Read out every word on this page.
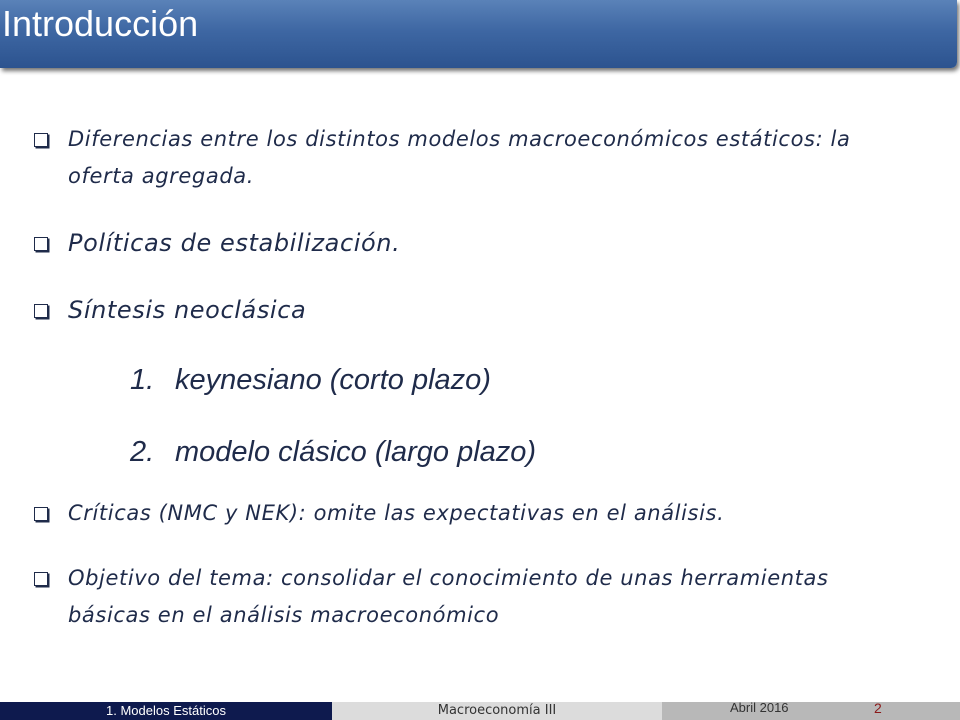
Introducción
Diferencias entre los distintos modelos macroeconómicos estáticos: la oferta agregada.
Políticas de estabilización.
Síntesis neoclásica
1. keynesiano (corto plazo)
2. modelo clásico (largo plazo)
Críticas (NMC y NEK): omite las expectativas en el análisis.
Objetivo del tema: consolidar el conocimiento de unas herramientas básicas en el análisis macroeconómico
1. Modelos Estáticos	Macroeconomía III	Abril 2016	2
